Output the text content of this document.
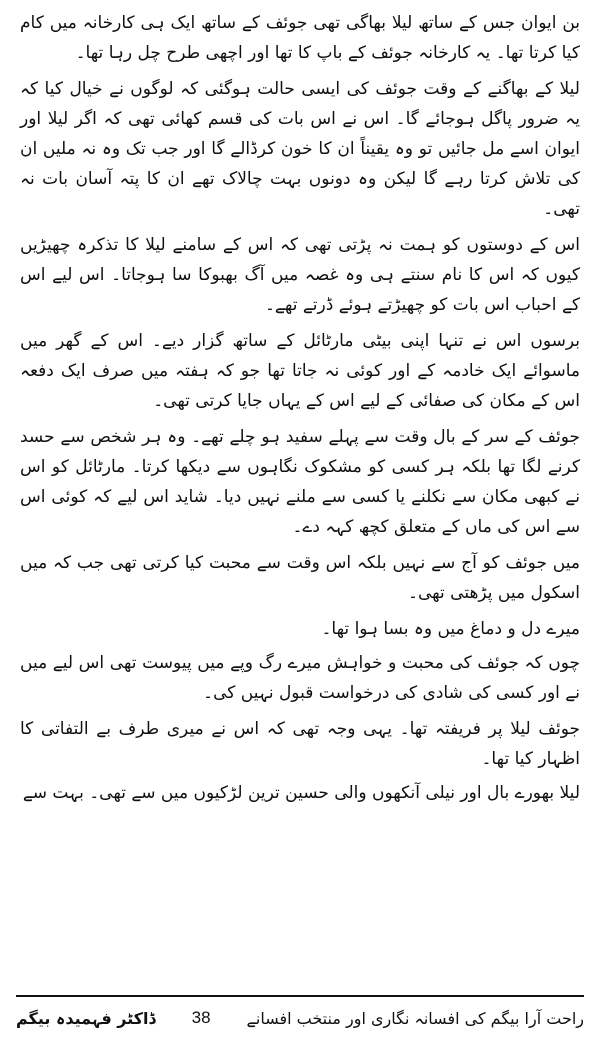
بن ایوان جس کے ساتھ لیلا بھاگی تھی جوئف کے ساتھ ایک ہی کارخانہ میں کام کیا کرتا تھا۔ یہ کارخانہ جوئف کے باپ کا تھا اور اچھی طرح چل رہا تھا۔

لیلا کے بھاگنے کے وقت جوئف کی ایسی حالت ہوگئی کہ لوگوں نے خیال کیا کہ یہ ضرور پاگل ہوجائے گا۔ اس نے اس بات کی قسم کھائی تھی کہ اگر لیلا اور ایوان اسے مل جائیں تو وہ یقیناً ان کا خون کرڈالے گا اور جب تک وہ نہ ملیں ان کی تلاش کرتا رہے گا لیکن وہ دونوں بہت چالاک تھے ان کا پتہ آسان بات نہ تھی۔

اس کے دوستوں کو ہمت نہ پڑتی تھی کہ اس کے سامنے لیلا کا تذکرہ چھیڑیں کیوں کہ اس کا نام سنتے ہی وہ غصہ میں آگ بھبوکا سا ہوجاتا۔ اس لیے اس کے احباب اس بات کو چھیڑتے ہوئے ڈرتے تھے۔

برسوں اس نے تنہا اپنی بیٹی مارٹائل کے ساتھ گزار دیے۔ اس کے گھر میں ماسوائے ایک خادمہ کے اور کوئی نہ جاتا تھا جو کہ ہفتہ میں صرف ایک دفعہ اس کے مکان کی صفائی کے لیے اس کے یہاں جایا کرتی تھی۔

جوئف کے سر کے بال وقت سے پہلے سفید ہو چلے تھے۔ وہ ہر شخص سے حسد کرنے لگا تھا بلکہ ہر کسی کو مشکوک نگاہوں سے دیکھا کرتا۔ مارٹائل کو اس نے کبھی مکان سے نکلنے یا کسی سے ملنے نہیں دیا۔ شاید اس لیے کہ کوئی اس سے اس کی ماں کے متعلق کچھ کہہ دے۔

میں جوئف کو آج سے نہیں بلکہ اس وقت سے محبت کیا کرتی تھی جب کہ میں اسکول میں پڑھتی تھی۔

میرے دل و دماغ میں وہ بسا ہوا تھا۔

چوں کہ جوئف کی محبت و خواہش میرے رگ وپے میں پیوست تھی اس لیے میں نے اور کسی کی شادی کی درخواست قبول نہیں کی۔

جوئف لیلا پر فریفتہ تھا۔ یہی وجہ تھی کہ اس نے میری طرف بے التفاتی کا اظہار کیا تھا۔

لیلا بھورے بال اور نیلی آنکھوں والی حسین ترین لڑکیوں میں سے تھی۔ بہت سے

ڈاکٹر فہمیدہ بیگم 38 راحت آرا بیگم کی افسانہ نگاری اور منتخب افسانے
